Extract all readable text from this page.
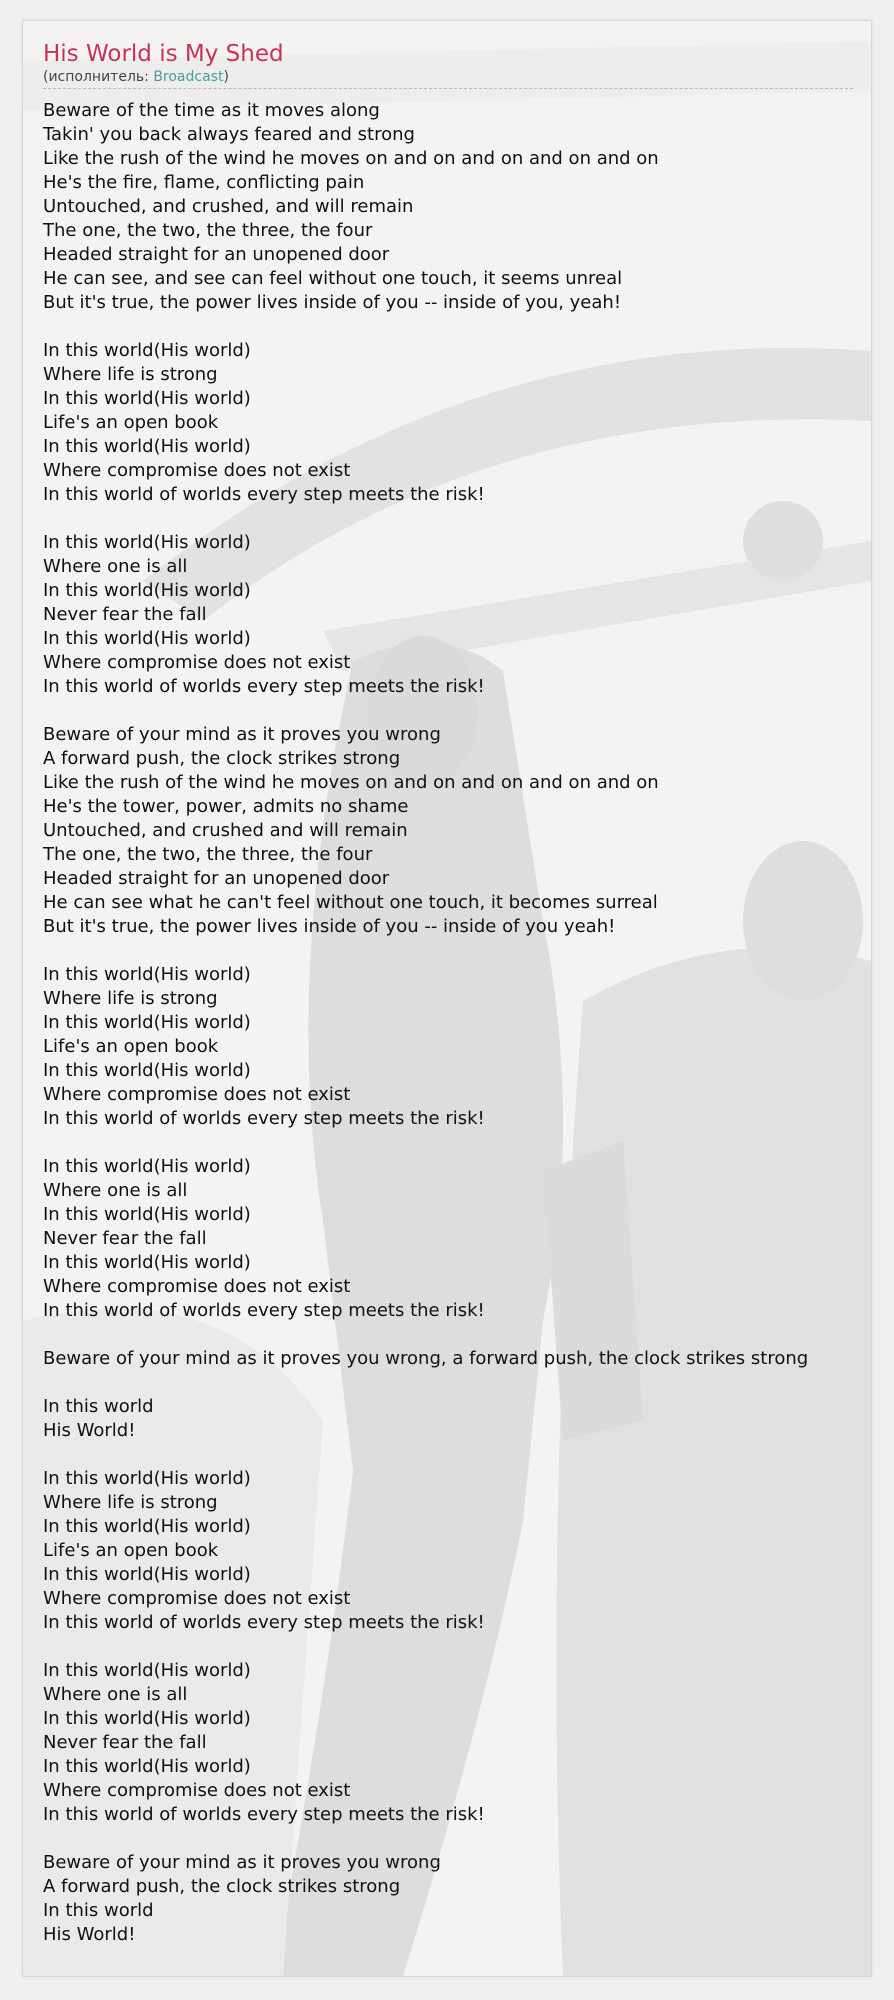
His World is My Shed
(исполнитель: Broadcast)
Beware of the time as it moves along
Takin' you back always feared and strong
Like the rush of the wind he moves on and on and on and on and on
He's the fire, flame, conflicting pain
Untouched, and crushed, and will remain
The one, the two, the three, the four
Headed straight for an unopened door
He can see, and see can feel without one touch, it seems unreal
But it's true, the power lives inside of you -- inside of you, yeah!
In this world(His world)
Where life is strong
In this world(His world)
Life's an open book
In this world(His world)
Where compromise does not exist
In this world of worlds every step meets the risk!
In this world(His world)
Where one is all
In this world(His world)
Never fear the fall
In this world(His world)
Where compromise does not exist
In this world of worlds every step meets the risk!
Beware of your mind as it proves you wrong
A forward push, the clock strikes strong
Like the rush of the wind he moves on and on and on and on and on
He's the tower, power, admits no shame
Untouched, and crushed and will remain
The one, the two, the three, the four
Headed straight for an unopened door
He can see what he can't feel without one touch, it becomes surreal
But it's true, the power lives inside of you -- inside of you yeah!
In this world(His world)
Where life is strong
In this world(His world)
Life's an open book
In this world(His world)
Where compromise does not exist
In this world of worlds every step meets the risk!
In this world(His world)
Where one is all
In this world(His world)
Never fear the fall
In this world(His world)
Where compromise does not exist
In this world of worlds every step meets the risk!
Beware of your mind as it proves you wrong, a forward push, the clock strikes strong
In this world
His World!
In this world(His world)
Where life is strong
In this world(His world)
Life's an open book
In this world(His world)
Where compromise does not exist
In this world of worlds every step meets the risk!
In this world(His world)
Where one is all
In this world(His world)
Never fear the fall
In this world(His world)
Where compromise does not exist
In this world of worlds every step meets the risk!
Beware of your mind as it proves you wrong
A forward push, the clock strikes strong
In this world
His World!
